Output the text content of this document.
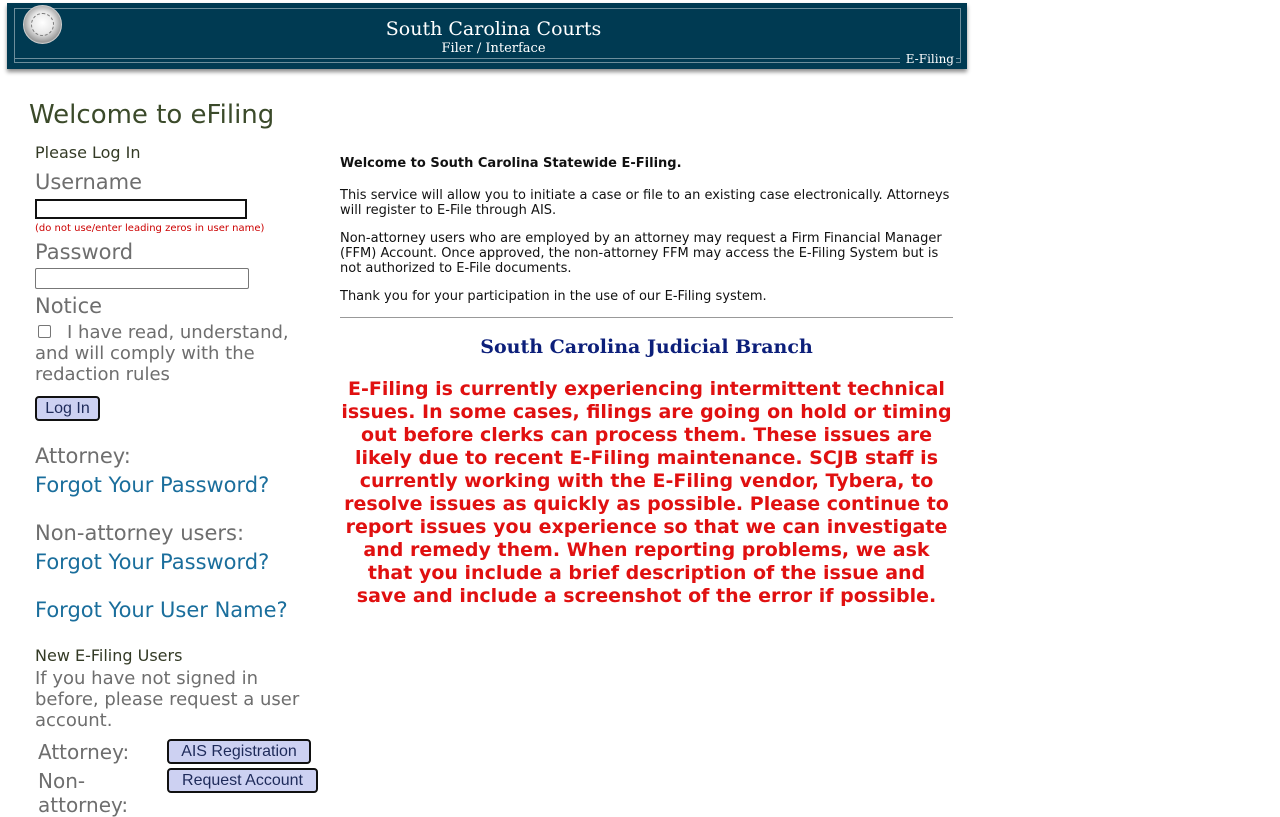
South Carolina Courts
Filer / Interface
E-Filing
Welcome to eFiling
Please Log In
Username
(do not use/enter leading zeros in user name)
Password
Notice
I have read, understand, and will comply with the redaction rules
Log In
Attorney:
Forgot Your Password?
Non-attorney users:
Forgot Your Password?
Forgot Your User Name?
New E-Filing Users
If you have not signed in before, please request a user account.
Attorney:	AIS Registration
Non-attorney:
Request Account

Welcome to South Carolina Statewide E-Filing.

This service will allow you to initiate a case or file to an existing case electronically. Attorneys will register to E-File through AIS.

Non-attorney users who are employed by an attorney may request a Firm Financial Manager (FFM) Account. Once approved, the non-attorney FFM may access the E-Filing System but is not authorized to E-File documents.

Thank you for your participation in the use of our E-Filing system.

South Carolina Judicial Branch
E-Filing is currently experiencing intermittent technical issues. In some cases, filings are going on hold or timing out before clerks can process them. These issues are likely due to recent E-Filing maintenance. SCJB staff is currently working with the E-Filing vendor, Tybera, to resolve issues as quickly as possible. Please continue to report issues you experience so that we can investigate and remedy them. When reporting problems, we ask that you include a brief description of the issue and save and include a screenshot of the error if possible.
